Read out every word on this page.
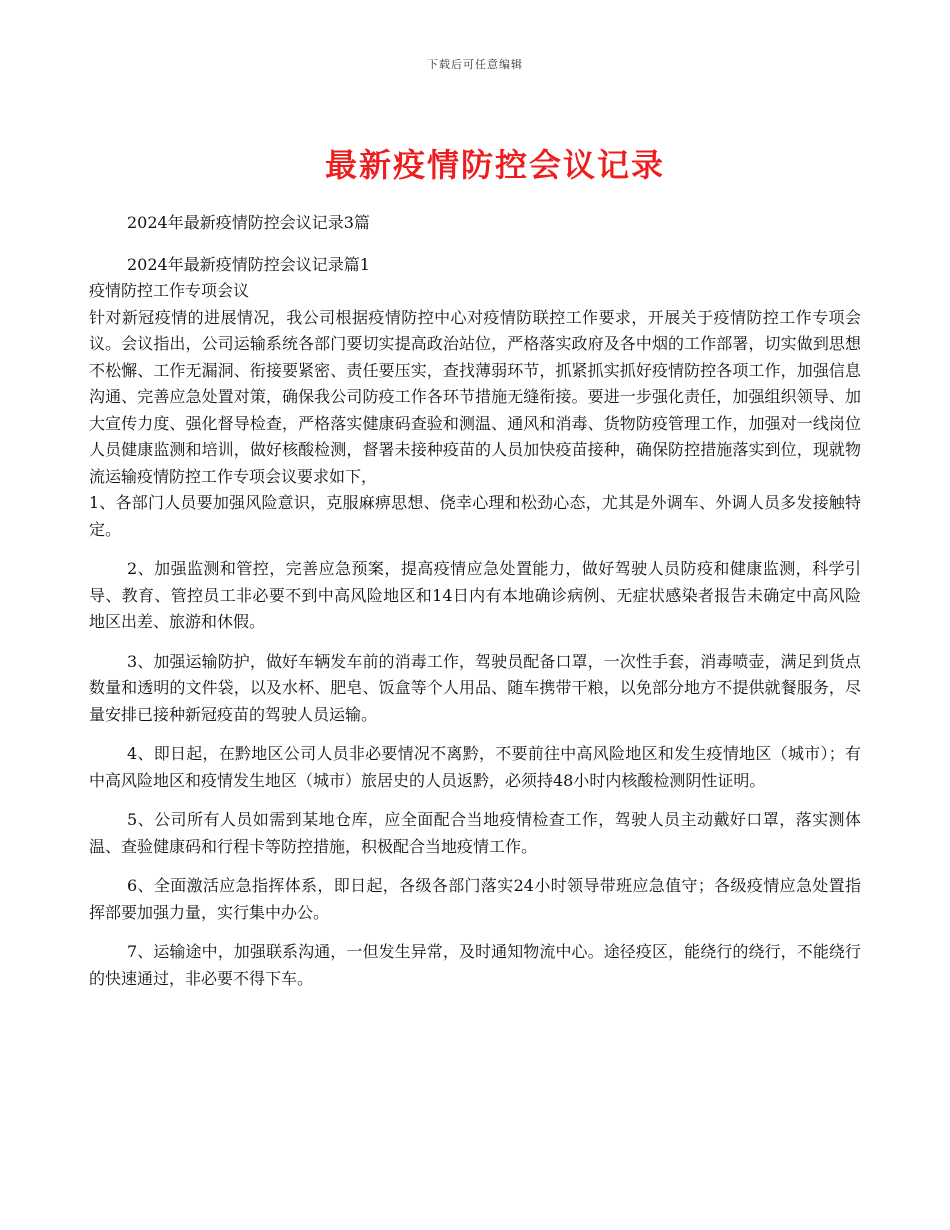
下载后可任意编辑
最新疫情防控会议记录

2024年最新疫情防控会议记录3篇

2024年最新疫情防控会议记录篇1

疫情防控工作专项会议

针对新冠疫情的进展情况，我公司根据疫情防控中心对疫情防联控工作要求，开展关于疫情防控工作专项会议。会议指出，公司运输系统各部门要切实提高政治站位，严格落实政府及各中烟的工作部署，切实做到思想不松懈、工作无漏洞、衔接要紧密、责任要压实，查找薄弱环节，抓紧抓实抓好疫情防控各项工作，加强信息沟通、完善应急处置对策，确保我公司防疫工作各环节措施无缝衔接。要进一步强化责任，加强组织领导、加大宣传力度、强化督导检查，严格落实健康码查验和测温、通风和消毒、货物防疫管理工作，加强对一线岗位人员健康监测和培训，做好核酸检测，督署未接种疫苗的人员加快疫苗接种，确保防控措施落实到位，现就物流运输疫情防控工作专项会议要求如下，

1、各部门人员要加强风险意识，克服麻痹思想、侥幸心理和松劲心态，尤其是外调车、外调人员多发接触特定。

2、加强监测和管控，完善应急预案，提高疫情应急处置能力，做好驾驶人员防疫和健康监测，科学引导、教育、管控员工非必要不到中高风险地区和14日内有本地确诊病例、无症状感染者报告未确定中高风险地区出差、旅游和休假。

3、加强运输防护，做好车辆发车前的消毒工作，驾驶员配备口罩，一次性手套，消毒喷壶，满足到货点数量和透明的文件袋，以及水杯、肥皂、饭盒等个人用品、随车携带干粮，以免部分地方不提供就餐服务，尽量安排已接种新冠疫苗的驾驶人员运输。

4、即日起，在黔地区公司人员非必要情况不离黔，不要前往中高风险地区和发生疫情地区（城市）；有中高风险地区和疫情发生地区（城市）旅居史的人员返黔，必须持48小时内核酸检测阴性证明。

5、公司所有人员如需到某地仓库，应全面配合当地疫情检查工作，驾驶人员主动戴好口罩，落实测体温、查验健康码和行程卡等防控措施，积极配合当地疫情工作。

6、全面激活应急指挥体系，即日起，各级各部门落实24小时领导带班应急值守；各级疫情应急处置指挥部要加强力量，实行集中办公。

7、运输途中，加强联系沟通，一但发生异常，及时通知物流中心。途径疫区，能绕行的绕行，不能绕行的快速通过，非必要不得下车。
